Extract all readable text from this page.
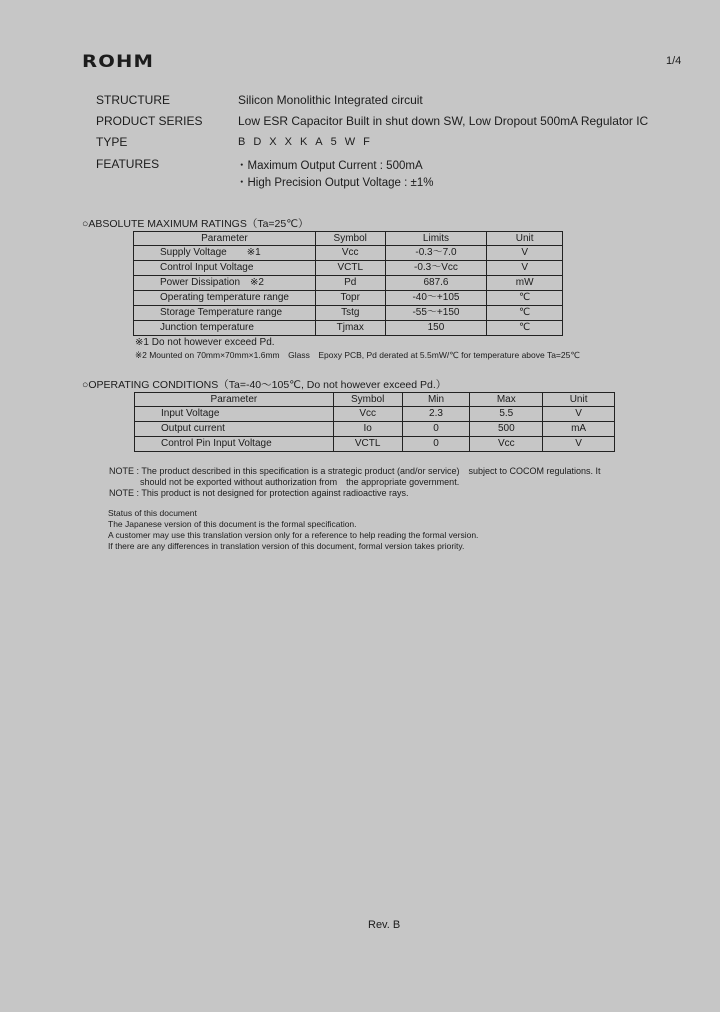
ROHM	1/4
STRUCTURE	Silicon Monolithic Integrated circuit
PRODUCT SERIES	Low ESR Capacitor Built in shut down SW, Low Dropout 500mA Regulator IC
TYPE	BDXXKA5WF
FEATURES	・Maximum Output Current : 500mA
・High Precision Output Voltage : ±1%
○ABSOLUTE MAXIMUM RATINGS（Ta=25℃）
Parameter	Symbol	Limits	Unit
Supply Voltage　　※1	Vcc	-0.3～7.0	V
Control Input Voltage	VCTL	-0.3～Vcc	V
Power Dissipation　※2	Pd	687.6	mW
Operating temperature range	Topr	-40～+105	℃
Storage Temperature range	Tstg	-55～+150	℃
Junction temperature	Tjmax	150	℃
※1 Do not however exceed Pd.
※2 Mounted on 70mm×70mm×1.6mm　Glass　Epoxy PCB, Pd derated at 5.5mW/℃ for temperature above Ta=25℃
○OPERATING CONDITIONS（Ta=-40～105℃, Do not however exceed Pd.）
Parameter	Symbol	Min	Max	Unit
Input Voltage	Vcc	2.3	5.5	V
Output current	Io	0	500	mA
Control Pin Input Voltage	VCTL	0	Vcc	V
NOTE : The product described in this specification is a strategic product (and/or service)　subject to COCOM regulations. It
should not be exported without authorization from　the appropriate government.
NOTE : This product is not designed for protection against radioactive rays.
Status of this document
The Japanese version of this document is the formal specification.
A customer may use this translation version only for a reference to help reading the formal version.
If there are any differences in translation version of this document, formal version takes priority.
Rev. B
